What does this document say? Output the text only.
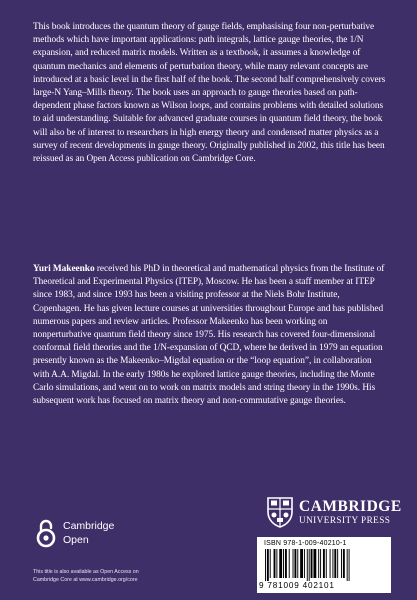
This book introduces the quantum theory of gauge fields, emphasising four non-perturbative methods which have important applications: path integrals, lattice gauge theories, the 1/N expansion, and reduced matrix models. Written as a textbook, it assumes a knowledge of quantum mechanics and elements of perturbation theory, while many relevant concepts are introduced at a basic level in the first half of the book. The second half comprehensively covers large-N Yang–Mills theory. The book uses an approach to gauge theories based on path-dependent phase factors known as Wilson loops, and contains problems with detailed solutions to aid understanding. Suitable for advanced graduate courses in quantum field theory, the book will also be of interest to researchers in high energy theory and condensed matter physics as a survey of recent developments in gauge theory. Originally published in 2002, this title has been reissued as an Open Access publication on Cambridge Core.

Yuri Makeenko received his PhD in theoretical and mathematical physics from the Institute of Theoretical and Experimental Physics (ITEP), Moscow. He has been a staff member at ITEP since 1983, and since 1993 has been a visiting professor at the Niels Bohr Institute, Copenhagen. He has given lecture courses at universities throughout Europe and has published numerous papers and review articles. Professor Makeenko has been working on nonperturbative quantum field theory since 1975. His research has covered four-dimensional conformal field theories and the 1/N-expansion of QCD, where he derived in 1979 an equation presently known as the Makeenko–Migdal equation or the “loop equation”, in collaboration with A.A. Migdal. In the early 1980s he explored lattice gauge theories, including the Monte Carlo simulations, and went on to work on matrix models and string theory in the 1990s. His subsequent work has focused on matrix theory and non-commutative gauge theories.

Cambridge
Open
This title is also available as Open Access on
Cambridge Core at www.cambridge.org/core
CAMBRIDGE
UNIVERSITY PRESS
ISBN 978-1-009-40210-1
9 781009 402101
